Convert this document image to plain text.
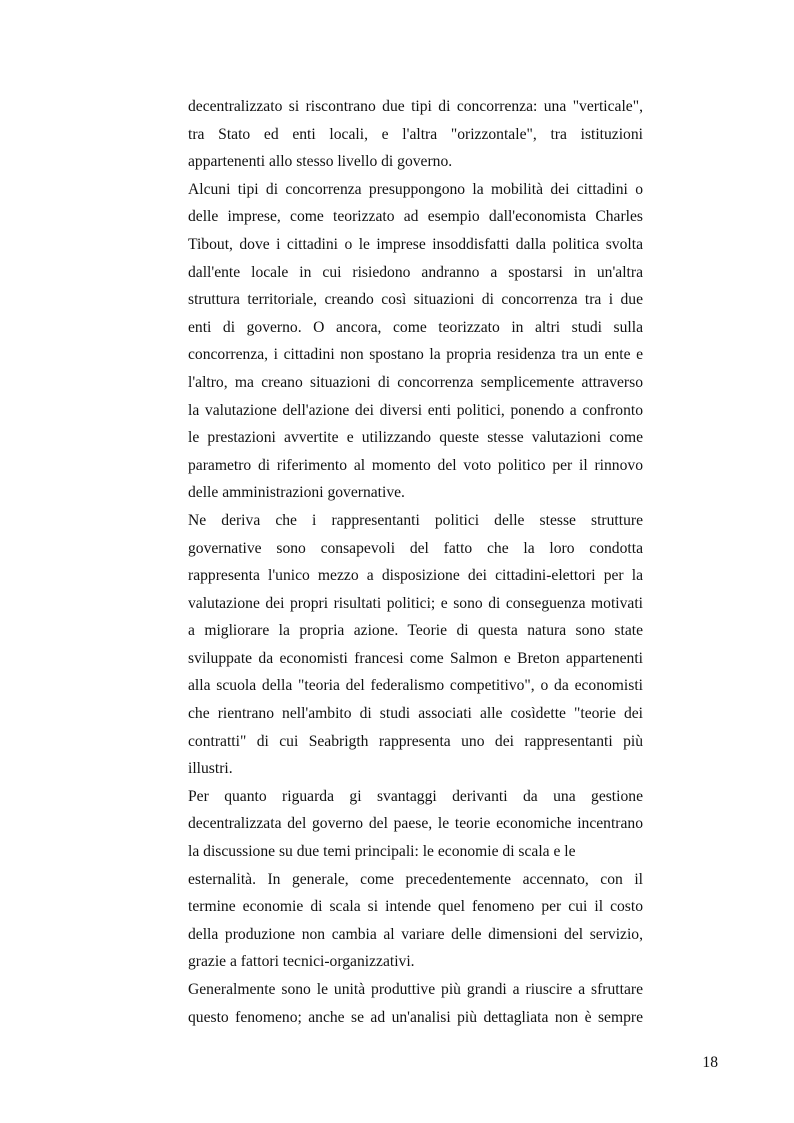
decentralizzato si riscontrano due tipi di concorrenza: una "verticale",
tra Stato ed enti locali, e l'altra "orizzontale", tra istituzioni
appartenenti allo stesso livello di governo.
Alcuni tipi di concorrenza presuppongono la mobilità dei cittadini o
delle imprese, come teorizzato ad esempio dall'economista Charles
Tibout, dove i cittadini o le imprese insoddisfatti dalla politica svolta
dall'ente locale in cui risiedono andranno a spostarsi in un'altra
struttura territoriale, creando così situazioni di concorrenza tra i due
enti di governo. O ancora, come teorizzato in altri studi sulla
concorrenza, i cittadini non spostano la propria residenza tra un ente e
l'altro, ma creano situazioni di concorrenza semplicemente attraverso
la valutazione dell'azione dei diversi enti politici, ponendo a confronto
le prestazioni avvertite e utilizzando queste stesse valutazioni come
parametro di riferimento al momento del voto politico per il rinnovo
delle amministrazioni governative.
Ne deriva che i rappresentanti politici delle stesse strutture
governative sono consapevoli del fatto che la loro condotta
rappresenta l'unico mezzo a disposizione dei cittadini-elettori per la
valutazione dei propri risultati politici; e sono di conseguenza motivati
a migliorare la propria azione. Teorie di questa natura sono state
sviluppate da economisti francesi come Salmon e Breton appartenenti
alla scuola della "teoria del federalismo competitivo", o da economisti
che rientrano nell'ambito di studi associati alle cosìdette "teorie dei
contratti" di cui Seabrigth rappresenta uno dei rappresentanti più
illustri.
Per quanto riguarda gi svantaggi derivanti da una gestione
decentralizzata del governo del paese, le teorie economiche incentrano
la discussione su due temi principali: le economie di scala e le
esternalità. In generale, come precedentemente accennato, con il
termine economie di scala si intende quel fenomeno per cui il costo
della produzione non cambia al variare delle dimensioni del servizio,
grazie a fattori tecnici-organizzativi.
Generalmente sono le unità produttive più grandi a riuscire a sfruttare
questo fenomeno; anche se ad un'analisi più dettagliata non è sempre
18
